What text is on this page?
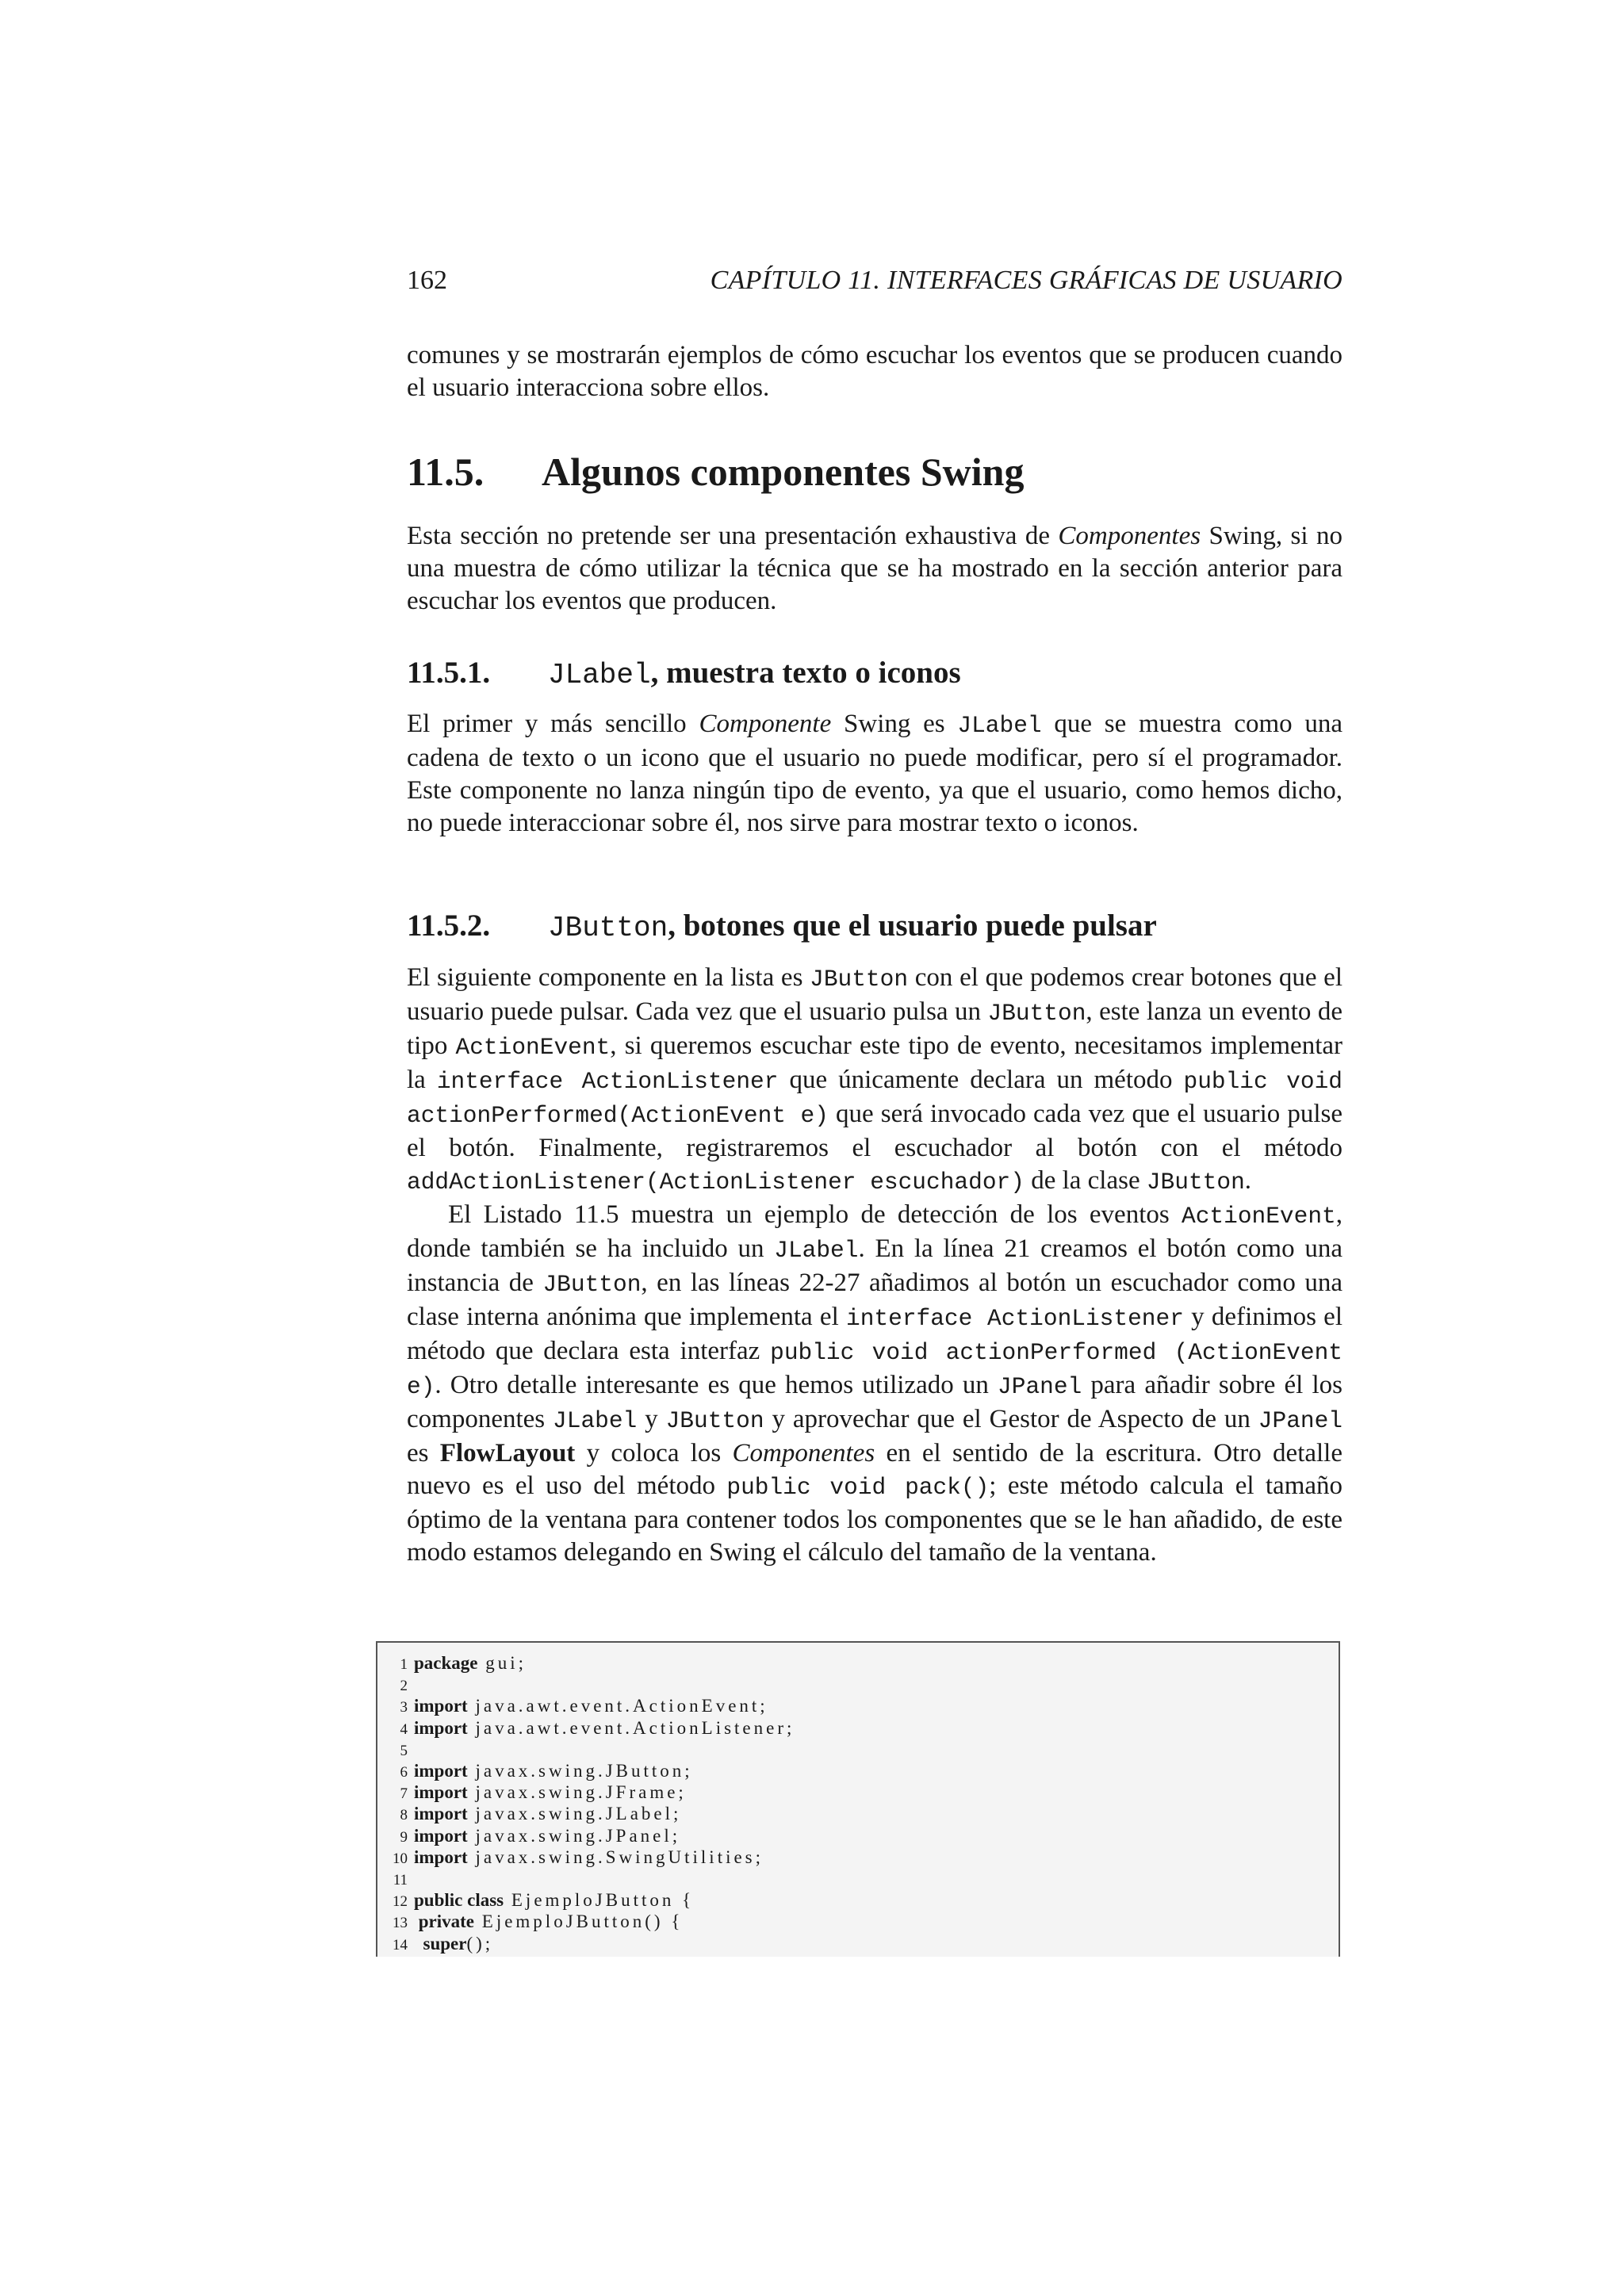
162	CAPÍTULO 11. INTERFACES GRÁFICAS DE USUARIO

comunes y se mostrarán ejemplos de cómo escuchar los eventos que se producen cuando el usuario interacciona sobre ellos.

11.5. Algunos componentes Swing

Esta sección no pretende ser una presentación exhaustiva de Componentes Swing, si no una muestra de cómo utilizar la técnica que se ha mostrado en la sección anterior para escuchar los eventos que producen.

11.5.1. JLabel, muestra texto o iconos

El primer y más sencillo Componente Swing es JLabel que se muestra como una cadena de texto o un icono que el usuario no puede modificar, pero sí el programador. Este componente no lanza ningún tipo de evento, ya que el usuario, como hemos dicho, no puede interaccionar sobre él, nos sirve para mostrar texto o iconos.

11.5.2. JButton, botones que el usuario puede pulsar

El siguiente componente en la lista es JButton con el que podemos crear botones que el usuario puede pulsar. Cada vez que el usuario pulsa un JButton, este lanza un evento de tipo ActionEvent, si queremos escuchar este tipo de evento, necesitamos implementar la interface ActionListener que únicamente declara un método public void actionPerformed(ActionEvent e) que será invocado cada vez que el usuario pulse el botón. Finalmente, registraremos el escuchador al botón con el método addActionListener(ActionListener escuchador) de la clase JButton.

El Listado 11.5 muestra un ejemplo de detección de los eventos ActionEvent, donde también se ha incluido un JLabel. En la línea 21 creamos el botón como una instancia de JButton, en las líneas 22-27 añadimos al botón un escuchador como una clase interna anónima que implementa el interface ActionListener y definimos el método que declara esta interfaz public void actionPerformed (ActionEvent e). Otro detalle interesante es que hemos utilizado un JPanel para añadir sobre él los componentes JLabel y JButton y aprovechar que el Gestor de Aspecto de un JPanel es FlowLayout y coloca los Componentes en el sentido de la escritura. Otro detalle nuevo es el uso del método public void pack(); este método calcula el tamaño óptimo de la ventana para contener todos los componentes que se le han añadido, de este modo estamos delegando en Swing el cálculo del tamaño de la ventana.

1 package gui;
2
3 import java.awt.event.ActionEvent;
4 import java.awt.event.ActionListener;
5
6 import javax.swing.JButton;
7 import javax.swing.JFrame;
8 import javax.swing.JLabel;
9 import javax.swing.JPanel;
10 import javax.swing.SwingUtilities;
11
12 public class EjemploJButton {
13 private EjemploJButton() {
14  super();
